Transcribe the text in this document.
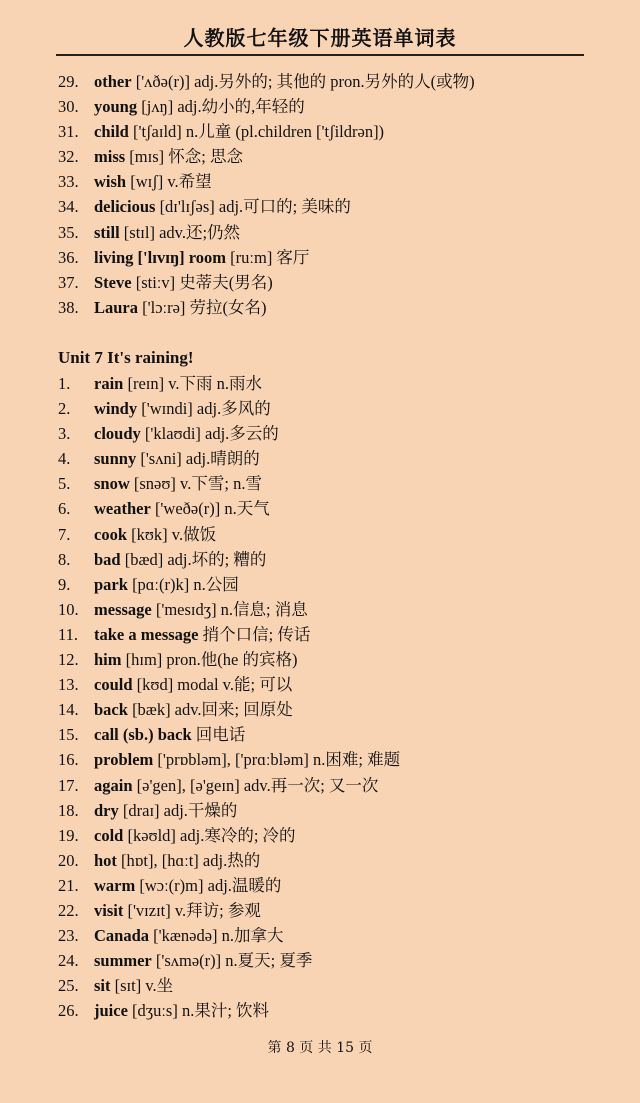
人教版七年级下册英语单词表
29. other ['ʌðə(r)] adj.另外的; 其他的 pron.另外的人(或物)
30. young [jʌŋ] adj.幼小的,年轻的
31. child ['tʃaɪld] n.儿童 (pl.children ['tʃildrən])
32. miss [mɪs] 怀念; 思念
33. wish [wɪʃ] v.希望
34. delicious [dɪ'lɪʃəs] adj.可口的; 美味的
35. still [stɪl] adv.还;仍然
36. living ['lɪvɪŋ] room [ruːm] 客厅
37. Steve [stiːv] 史蒂夫(男名)
38. Laura ['lɔːrə] 劳拉(女名)
Unit 7 It's raining!
1. rain [reɪn] v.下雨 n.雨水
2. windy ['wɪndi] adj.多风的
3. cloudy ['klaʊdi] adj.多云的
4. sunny ['sʌni] adj.晴朗的
5. snow [snəʊ] v.下雪; n.雪
6. weather ['weðə(r)] n.天气
7. cook [kʊk] v.做饭
8. bad [bæd] adj.坏的; 糟的
9. park [pɑː(r)k] n.公园
10. message ['mesɪdʒ] n.信息; 消息
11. take a message 捎个口信; 传话
12. him [hɪm] pron.他(he 的宾格)
13. could [kʊd] modal v.能; 可以
14. back [bæk] adv.回来; 回原处
15. call (sb.) back 回电话
16. problem ['prɒbləm], ['prɑːbləm] n.困难; 难题
17. again [ə'gen], [ə'geɪn] adv.再一次; 又一次
18. dry [draɪ] adj.干燥的
19. cold [kəʊld] adj.寒冷的; 冷的
20. hot [hɒt], [hɑːt] adj.热的
21. warm [wɔː(r)m] adj.温暖的
22. visit ['vɪzɪt] v.拜访; 参观
23. Canada ['kænədə] n.加拿大
24. summer ['sʌmə(r)] n.夏天; 夏季
25. sit [sɪt] v.坐
26. juice [dʒuːs] n.果汁; 饮料
第 8 页 共 15 页
